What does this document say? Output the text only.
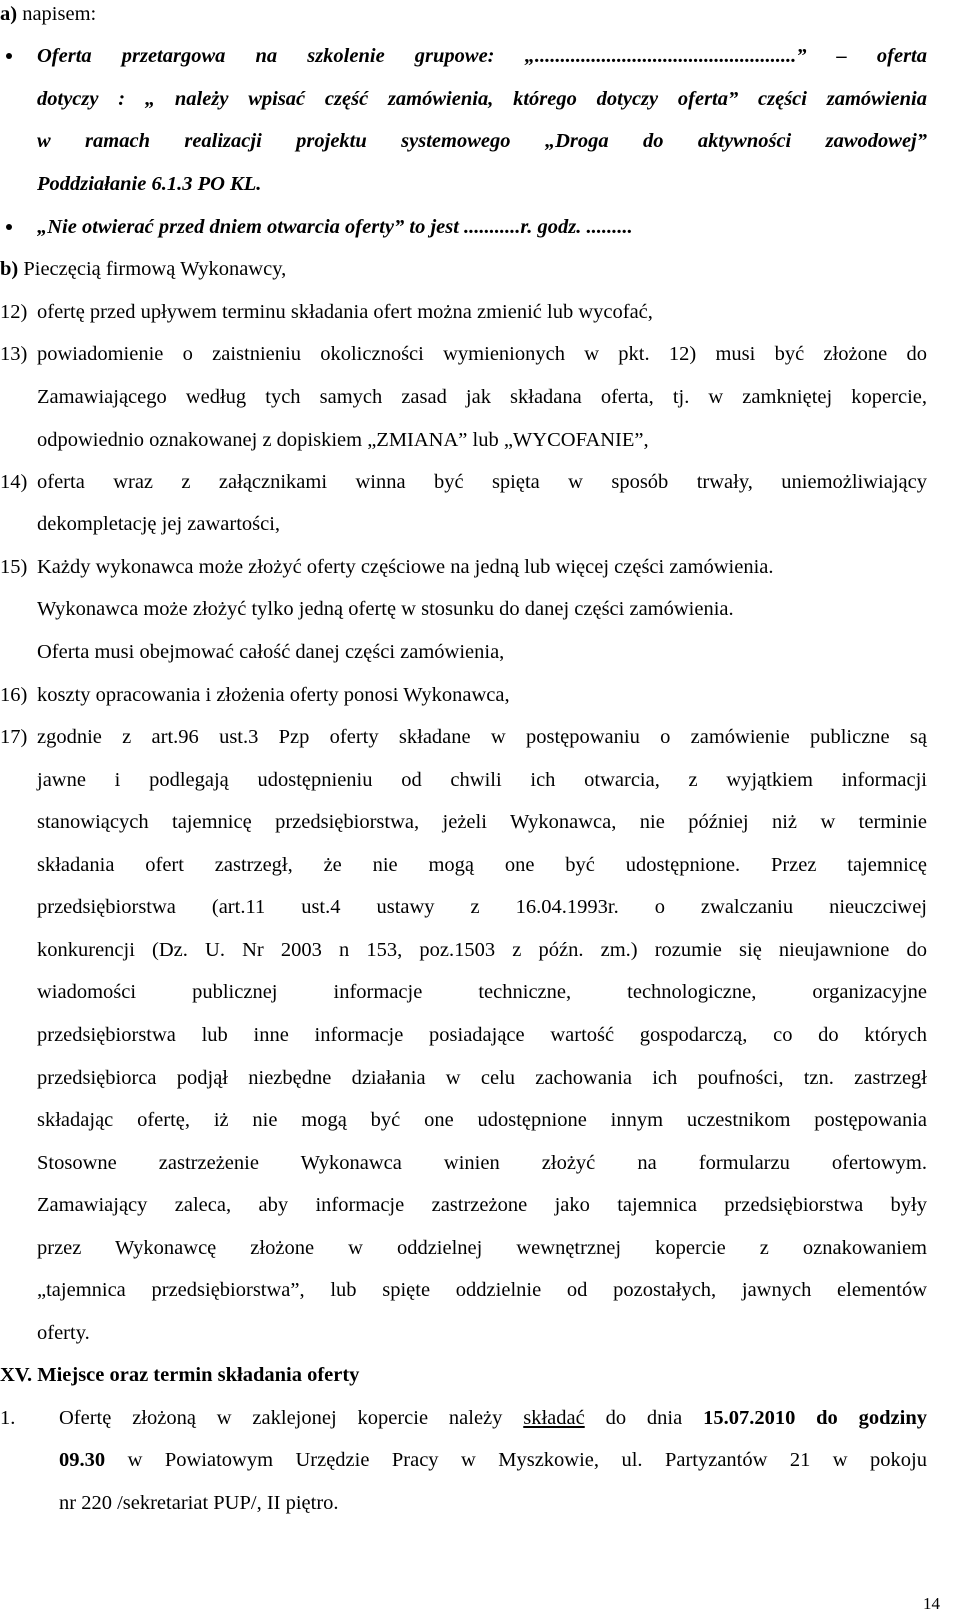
a) napisem:
Oferta przetargowa na szkolenie grupowe: „...................................................” – oferta
dotyczy : „ należy wpisać część zamówienia, którego dotyczy oferta” części zamówienia
w ramach realizacji projektu systemowego „Droga do aktywności zawodowej”
Poddziałanie 6.1.3 PO KL.
„Nie otwierać przed dniem otwarcia oferty” to jest ...........r. godz. .........
b) Pieczęcią firmową Wykonawcy,
12) ofertę przed upływem terminu składania ofert można zmienić lub wycofać,
13) powiadomienie o zaistnieniu okoliczności wymienionych w pkt. 12) musi być złożone do
Zamawiającego według tych samych zasad jak składana oferta, tj. w zamkniętej kopercie,
odpowiednio oznakowanej z dopiskiem „ZMIANA” lub „WYCOFANIE”,
14) oferta wraz z załącznikami winna być spięta w sposób trwały, uniemożliwiający
dekompletację jej zawartości,
15) Każdy wykonawca może złożyć oferty częściowe na jedną lub więcej części zamówienia.
Wykonawca może złożyć tylko jedną ofertę w stosunku do danej części zamówienia.
Oferta musi obejmować całość danej części zamówienia,
16) koszty opracowania i złożenia oferty ponosi Wykonawca,
17) zgodnie z art.96 ust.3 Pzp oferty składane w postępowaniu o zamówienie publiczne są
jawne i podlegają udostępnieniu od chwili ich otwarcia, z wyjątkiem informacji
stanowiących tajemnicę przedsiębiorstwa, jeżeli Wykonawca, nie później niż w terminie
składania ofert zastrzegł, że nie mogą one być udostępnione. Przez tajemnicę
przedsiębiorstwa (art.11 ust.4 ustawy z 16.04.1993r. o zwalczaniu nieuczciwej
konkurencji (Dz. U. Nr 2003 n 153, poz.1503 z późn. zm.) rozumie się nieujawnione do
wiadomości publicznej informacje techniczne, technologiczne, organizacyjne
przedsiębiorstwa lub inne informacje posiadające wartość gospodarczą, co do których
przedsiębiorca podjął niezbędne działania w celu zachowania ich poufności, tzn. zastrzegł
składając ofertę, iż nie mogą być one udostępnione innym uczestnikom postępowania
Stosowne zastrzeżenie Wykonawca winien złożyć na formularzu ofertowym.
Zamawiający zaleca, aby informacje zastrzeżone jako tajemnica przedsiębiorstwa były
przez Wykonawcę złożone w oddzielnej wewnętrznej kopercie z oznakowaniem
„tajemnica przedsiębiorstwa”, lub spięte oddzielnie od pozostałych, jawnych elementów
oferty.
XV. Miejsce oraz termin składania oferty
1. Ofertę złożoną w zaklejonej kopercie należy składać do dnia 15.07.2010 do godziny
09.30 w Powiatowym Urzędzie Pracy w Myszkowie, ul. Partyzantów 21 w pokoju
nr 220 /sekretariat PUP/, II piętro.
14
